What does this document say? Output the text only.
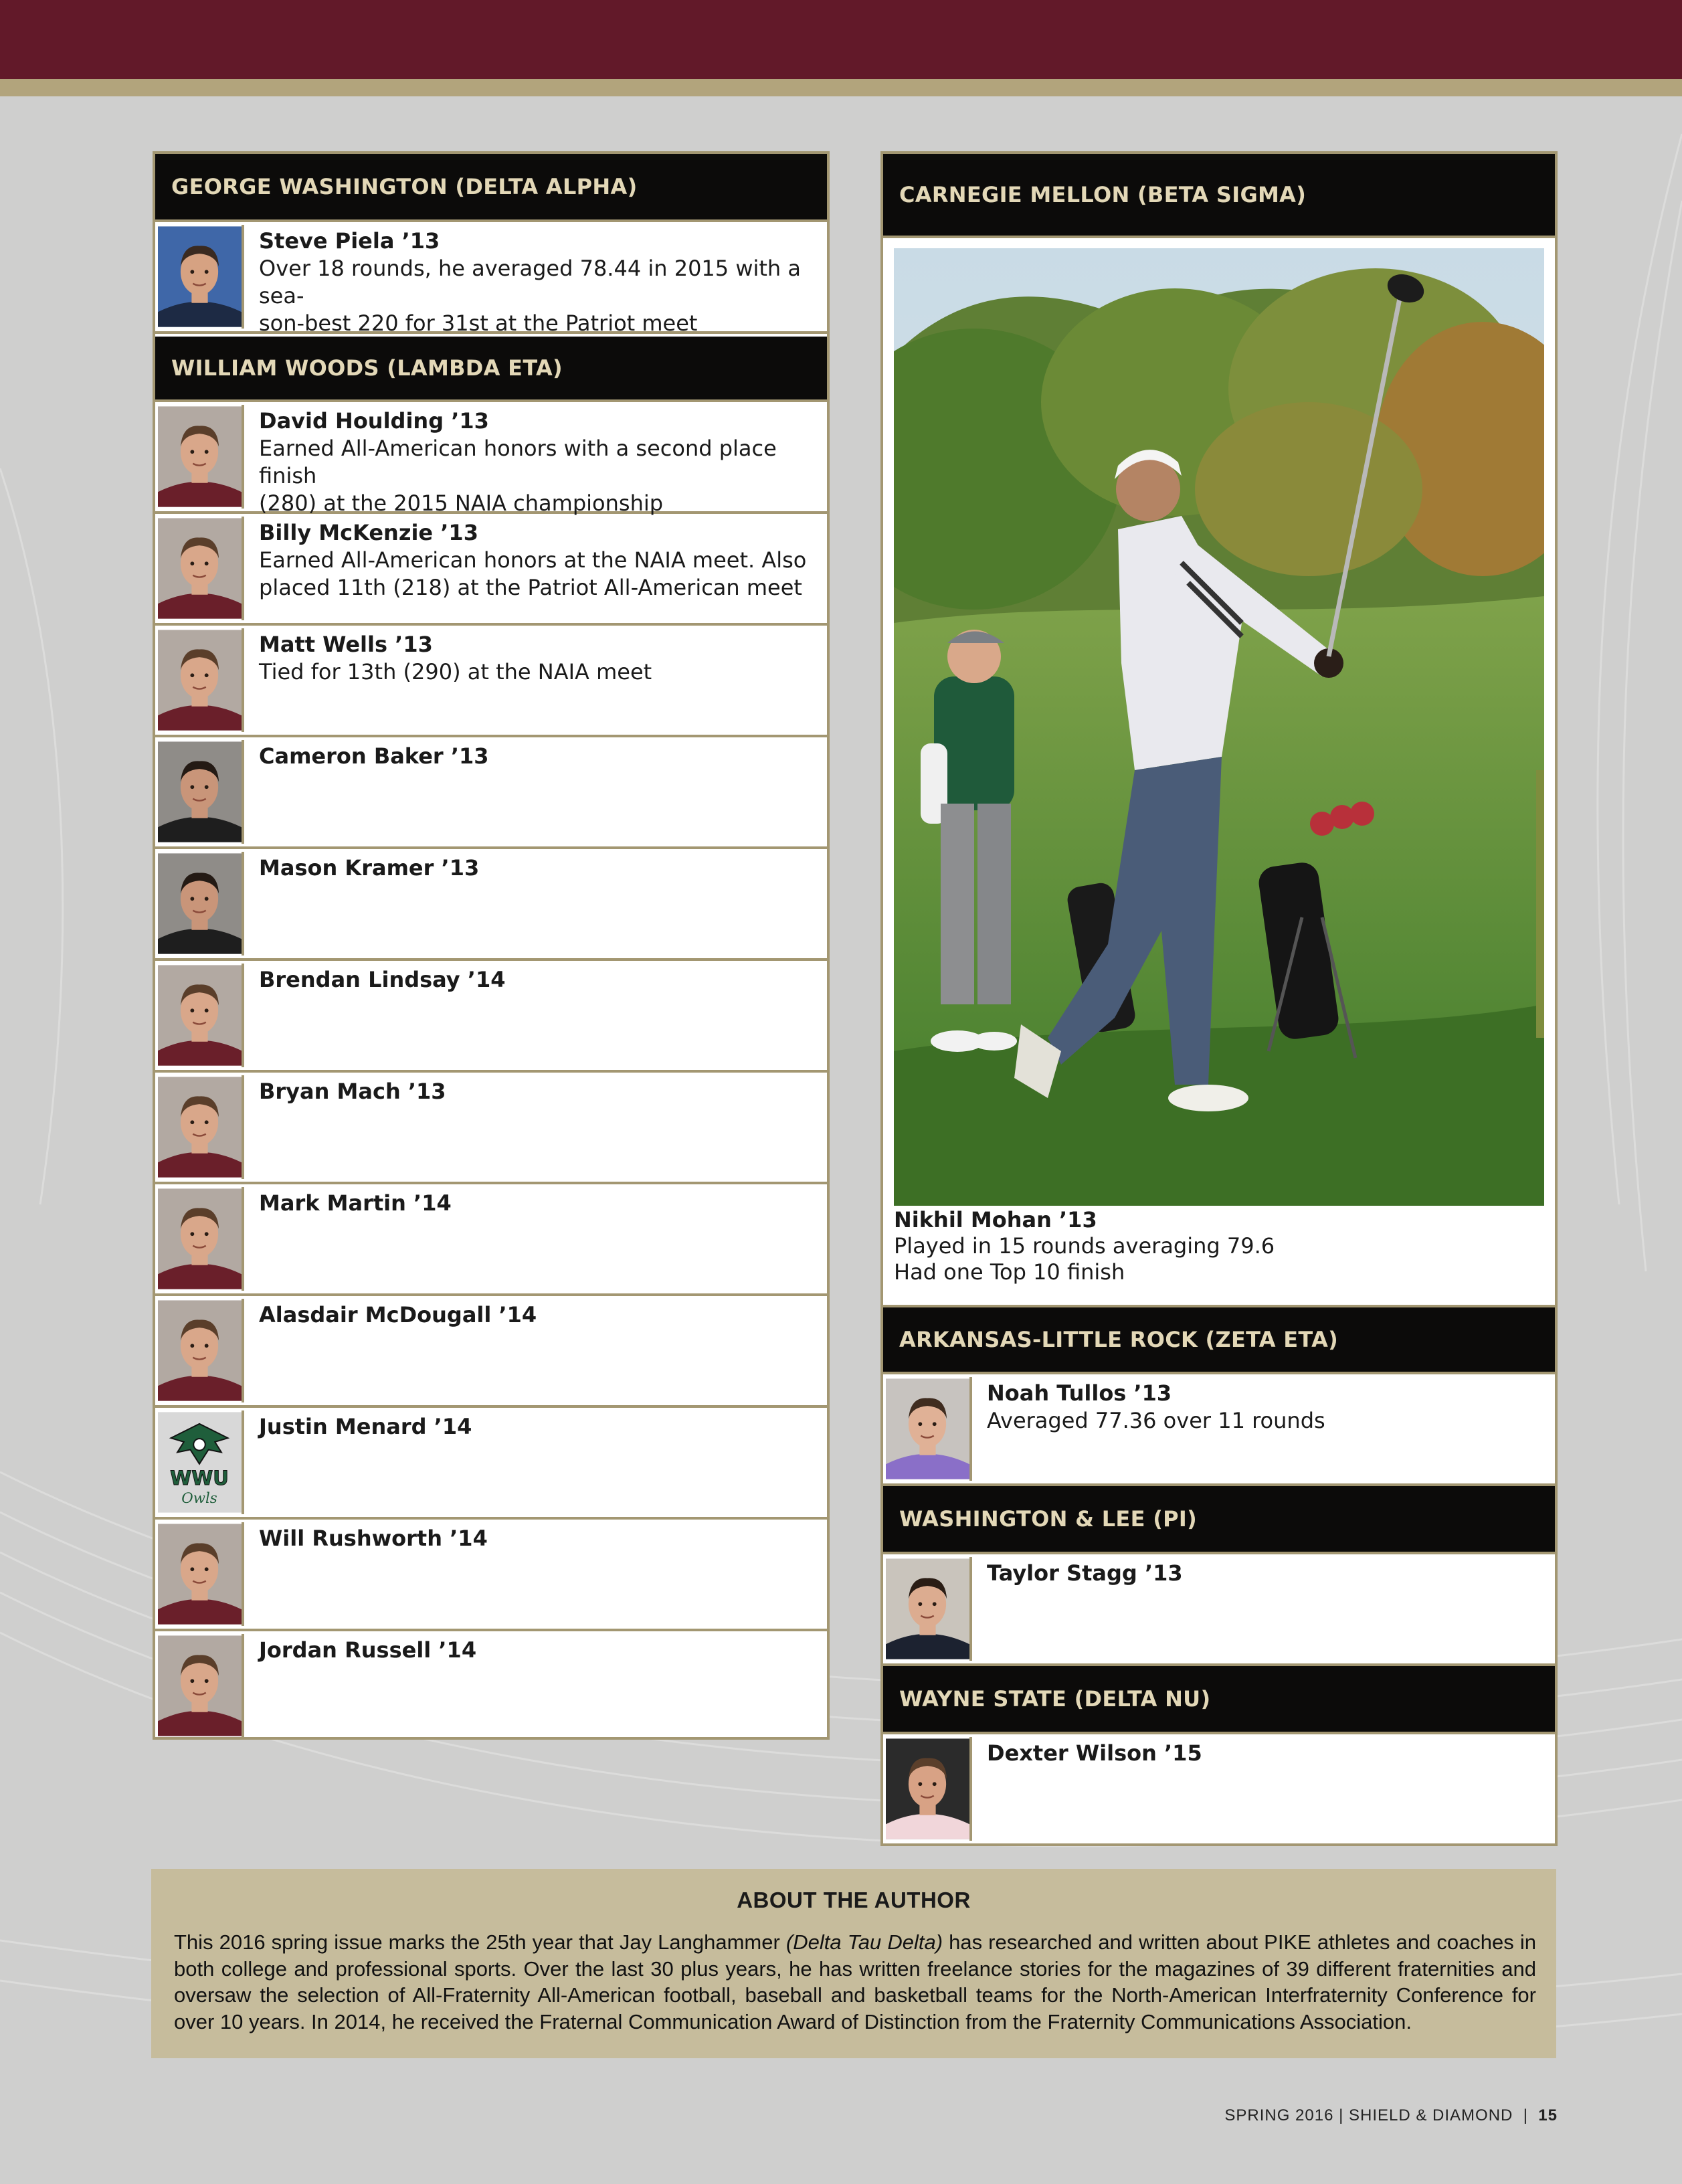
GEORGE WASHINGTON (DELTA ALPHA)
Steve Piela ’13
Over 18 rounds, he averaged 78.44 in 2015 with a sea-
son-best 220 for 31st at the Patriot meet
WILLIAM WOODS (LAMBDA ETA)
David Houlding ’13
Earned All-American honors with a second place finish
(280) at the 2015 NAIA championship
Billy McKenzie ’13
Earned All-American honors at the NAIA meet. Also
placed 11th (218) at the Patriot All-American meet
Matt Wells ’13
Tied for 13th (290) at the NAIA meet
Cameron Baker ’13
Mason Kramer ’13
Brendan Lindsay ’14
Bryan Mach ’13
Mark Martin ’14
Alasdair McDougall ’14
WWU
Owls
Justin Menard ’14
Will Rushworth ’14
Jordan Russell ’14
CARNEGIE MELLON (BETA SIGMA)
Nikhil Mohan ’13
Played in 15 rounds averaging 79.6
Had one Top 10 finish
ARKANSAS-LITTLE ROCK (ZETA ETA)
Noah Tullos ’13
Averaged 77.36 over 11 rounds
WASHINGTON & LEE (PI)
Taylor Stagg ’13
WAYNE STATE (DELTA NU)
Dexter Wilson ’15
ABOUT THE AUTHOR
This 2016 spring issue marks the 25th year that Jay Langhammer (Delta Tau Delta) has researched and written about PIKE athletes and coaches in both college and professional sports. Over the last 30 plus years, he has written freelance stories for the magazines of 39 different fraternities and oversaw the selection of All-Fraternity All-American football, baseball and basketball teams for the North-American Interfraternity Conference for over 10 years. In 2014, he received the Fraternal Communication Award of Distinction from the Fraternity Communications Association.
SPRING 2016 | SHIELD & DIAMOND | 15
